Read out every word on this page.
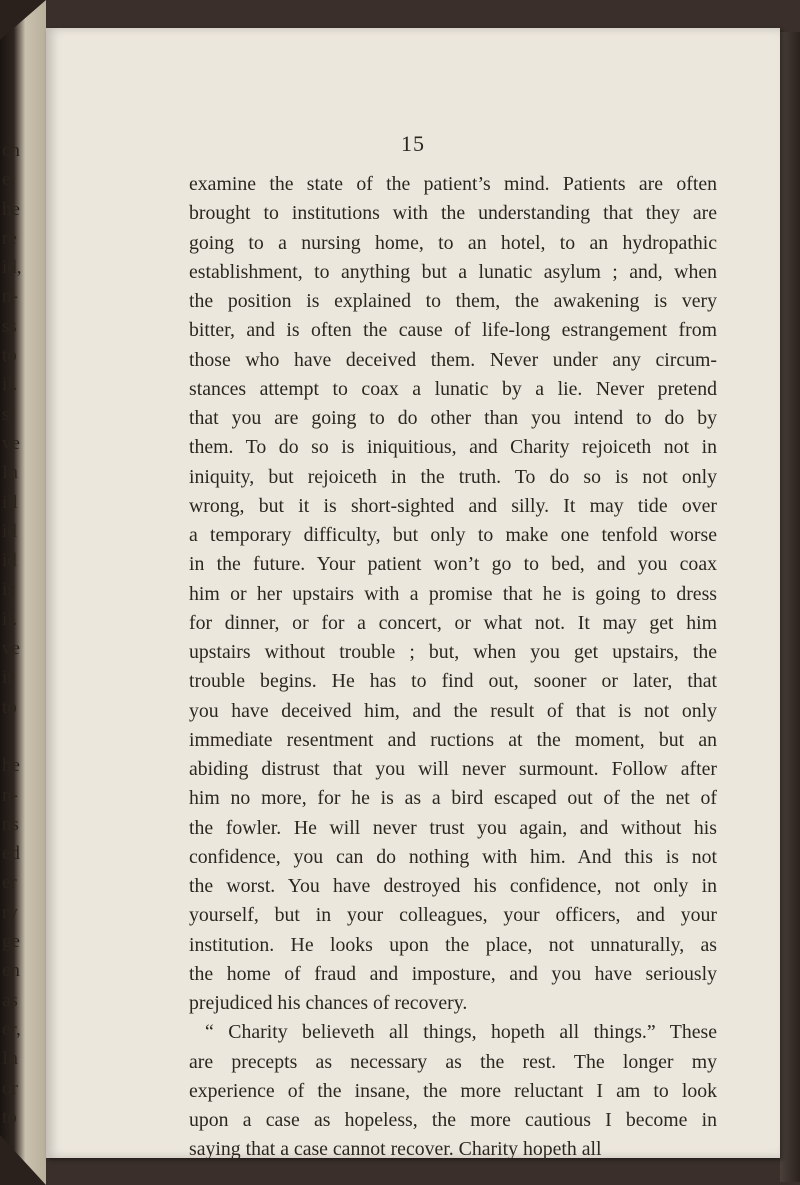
ch
e.
he
re
id,
n-
ss
to
il.
s:
ve
In
ill
id
id
is
il.
ve
ir
to
he
n-
ns
ed
er
ry
ge
en
as
er,
In
or
to
15
examine the state of the patient’s mind. Patients are often
brought to institutions with the understanding that they are
going to a nursing home, to an hotel, to an hydropathic
establishment, to anything but a lunatic asylum ; and, when
the position is explained to them, the awakening is very
bitter, and is often the cause of life-long estrangement from
those who have deceived them. Never under any circum-
stances attempt to coax a lunatic by a lie. Never pretend
that you are going to do other than you intend to do by
them. To do so is iniquitious, and Charity rejoiceth not in
iniquity, but rejoiceth in the truth. To do so is not only
wrong, but it is short-sighted and silly. It may tide over
a temporary difficulty, but only to make one tenfold worse
in the future. Your patient won’t go to bed, and you coax
him or her upstairs with a promise that he is going to dress
for dinner, or for a concert, or what not. It may get him
upstairs without trouble ; but, when you get upstairs, the
trouble begins. He has to find out, sooner or later, that
you have deceived him, and the result of that is not only
immediate resentment and ructions at the moment, but an
abiding distrust that you will never surmount. Follow after
him no more, for he is as a bird escaped out of the net of
the fowler. He will never trust you again, and without his
confidence, you can do nothing with him. And this is not
the worst. You have destroyed his confidence, not only in
yourself, but in your colleagues, your officers, and your
institution. He looks upon the place, not unnaturally, as
the home of fraud and imposture, and you have seriously
prejudiced his chances of recovery.
“ Charity believeth all things, hopeth all things.” These
are precepts as necessary as the rest. The longer my
experience of the insane, the more reluctant I am to look
upon a case as hopeless, the more cautious I become in
saying that a case cannot recover. Charity hopeth all
